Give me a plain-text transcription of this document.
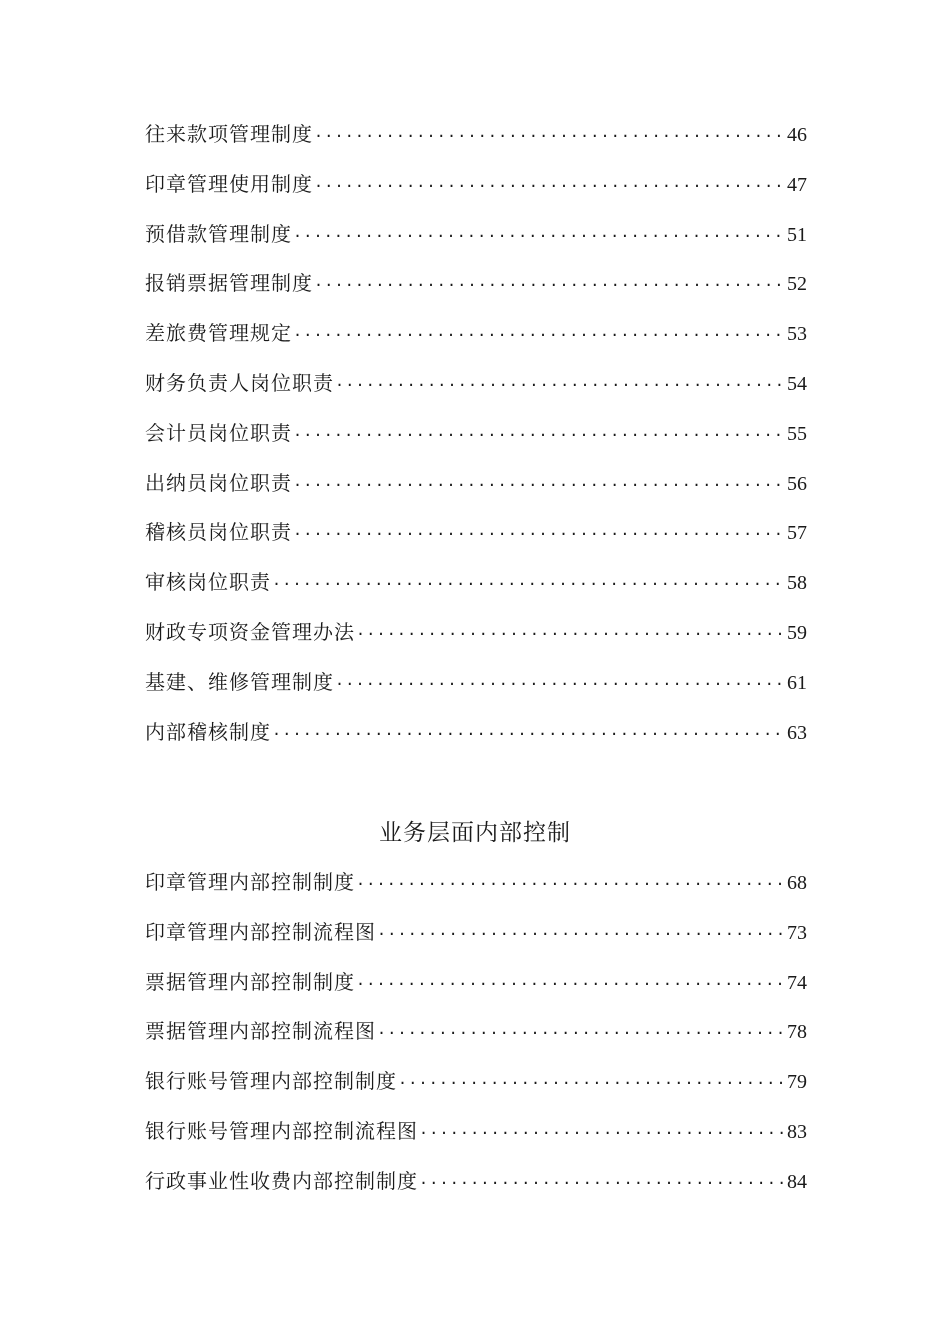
往来款项管理制度 ·····	46
印章管理使用制度 ·····	47
预借款管理制度 ·····	51
报销票据管理制度 ·····	52
差旅费管理规定 ·····	53
财务负责人岗位职责 ·····	54
会计员岗位职责 ·····	55
出纳员岗位职责 ·····	56
稽核员岗位职责 ·····	57
审核岗位职责 ·····	58
财政专项资金管理办法 ·····	59
基建、维修管理制度 ·····	61
内部稽核制度 ·····	63
业务层面内部控制
印章管理内部控制制度 ·····	68
印章管理内部控制流程图 ·····	73
票据管理内部控制制度 ·····	74
票据管理内部控制流程图 ·····	78
银行账号管理内部控制制度 ·····	79
银行账号管理内部控制流程图 ·····	83
行政事业性收费内部控制制度 ·····	84
